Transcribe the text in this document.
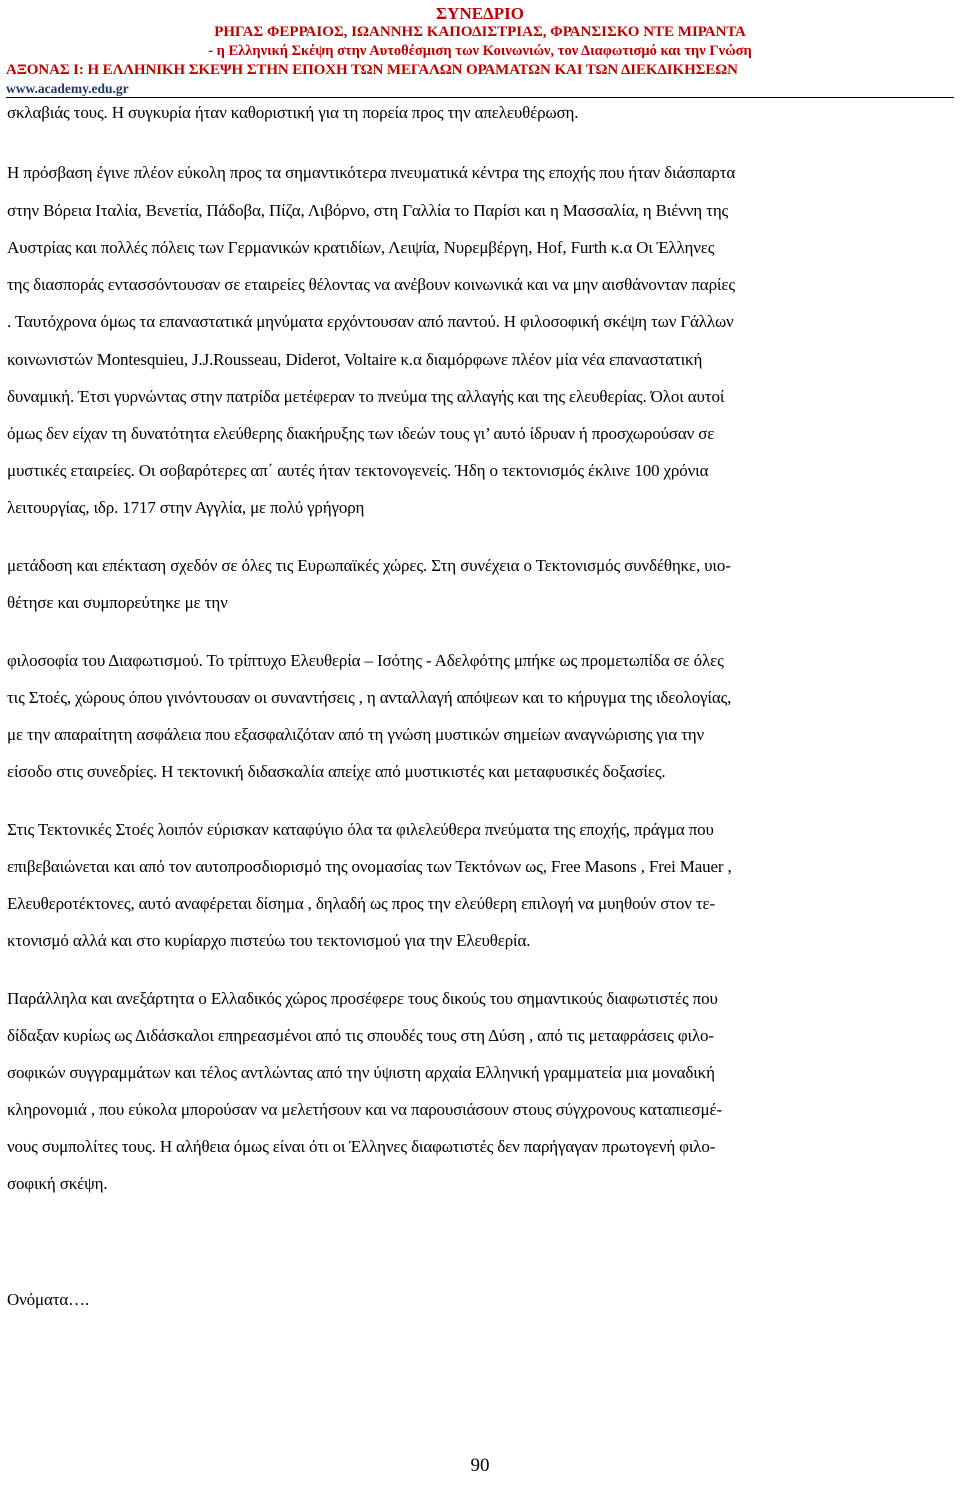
ΣΥΝΕΔΡΙΟ
ΡΗΓΑΣ ΦΕΡΡΑΙΟΣ, ΙΩΑΝΝΗΣ ΚΑΠΟΔΙΣΤΡΙΑΣ, ΦΡΑΝΣΙΣΚΟ ΝΤΕ ΜΙΡΑΝΤΑ
- η Ελληνική Σκέψη στην Αυτοθέσμιση των Κοινωνιών, τον Διαφωτισμό και την Γνώση
ΑΞΟΝΑΣ Ι: Η ΕΛΛΗΝΙΚΗ ΣΚΕΨΗ ΣΤΗΝ ΕΠΟΧΗ ΤΩΝ ΜΕΓΑΛΩΝ ΟΡΑΜΑΤΩΝ ΚΑΙ ΤΩΝ ΔΙΕΚΔΙΚΗΣΕΩΝ
www.academy.edu.gr
σκλαβιάς τους. Η συγκυρία ήταν καθοριστική για τη πορεία προς την απελευθέρωση.
Η πρόσβαση έγινε πλέον εύκολη προς τα σημαντικότερα πνευματικά κέντρα της εποχής που ήταν διάσπαρτα
στην Βόρεια Ιταλία, Βενετία, Πάδοβα, Πίζα, Λιβόρνο, στη Γαλλία το Παρίσι και η Μασσαλία, η Βιέννη της
Αυστρίας και πολλές πόλεις των Γερμανικών κρατιδίων, Λειψία, Νυρεμβέργη, Hof, Furth κ.α Οι Έλληνες
της διασποράς εντασσόντουσαν σε εταιρείες θέλοντας να ανέβουν κοινωνικά και να μην αισθάνονταν παρίες
. Ταυτόχρονα όμως τα επαναστατικά μηνύματα ερχόντουσαν από παντού. Η φιλοσοφική σκέψη των Γάλλων
κοινωνιστών Montesquieu, J.J.Rousseau, Diderot, Voltaire κ.α διαμόρφωνε πλέον μία νέα επαναστατική
δυναμική. Έτσι γυρνώντας στην πατρίδα μετέφεραν το πνεύμα της αλλαγής και της ελευθερίας. Όλοι αυτοί
όμως δεν είχαν τη δυνατότητα ελεύθερης διακήρυξης των ιδεών τους γι’ αυτό ίδρυαν ή προσχωρούσαν σε
μυστικές εταιρείες. Οι σοβαρότερες απ΄ αυτές ήταν τεκτονογενείς. Ήδη ο τεκτονισμός έκλινε 100 χρόνια
λειτουργίας, ιδρ. 1717 στην Αγγλία, με πολύ γρήγορη
μετάδοση και επέκταση σχεδόν σε όλες τις Ευρωπαϊκές χώρες. Στη συνέχεια ο Τεκτονισμός συνδέθηκε, υιο-
θέτησε και συμπορεύτηκε με την
φιλοσοφία του Διαφωτισμού. Το τρίπτυχο Ελευθερία – Ισότης - Αδελφότης μπήκε ως προμετωπίδα σε όλες
τις Στοές, χώρους όπου γινόντουσαν οι συναντήσεις , η ανταλλαγή απόψεων και το κήρυγμα της ιδεολογίας,
με την απαραίτητη ασφάλεια που εξασφαλιζόταν από τη γνώση μυστικών σημείων αναγνώρισης για την
είσοδο στις συνεδρίες. Η τεκτονική διδασκαλία απείχε από μυστικιστές και μεταφυσικές δοξασίες.
Στις Τεκτονικές Στοές λοιπόν εύρισκαν καταφύγιο όλα τα φιλελεύθερα πνεύματα της εποχής, πράγμα που
επιβεβαιώνεται και από τον αυτοπροσδιορισμό της ονομασίας των Τεκτόνων ως, Free Masons , Frei Mauer ,
Ελευθεροτέκτονες, αυτό αναφέρεται δίσημα , δηλαδή ως προς την ελεύθερη επιλογή να μυηθούν στον τε-
κτονισμό αλλά και στο κυρίαρχο πιστεύω του τεκτονισμού για την Ελευθερία.
Παράλληλα και ανεξάρτητα ο Ελλαδικός χώρος προσέφερε τους δικούς του σημαντικούς διαφωτιστές που
δίδαξαν κυρίως ως Διδάσκαλοι επηρεασμένοι από τις σπουδές τους στη Δύση , από τις μεταφράσεις φιλο-
σοφικών συγγραμμάτων και τέλος αντλώντας από την ύψιστη αρχαία Ελληνική γραμματεία μια μοναδική
κληρονομιά , που εύκολα μπορούσαν να μελετήσουν και να παρουσιάσουν στους σύγχρονους καταπιεσμέ-
νους συμπολίτες τους. Η αλήθεια όμως είναι ότι οι Έλληνες διαφωτιστές δεν παρήγαγαν πρωτογενή φιλο-
σοφική σκέψη.
Ονόματα….
90
